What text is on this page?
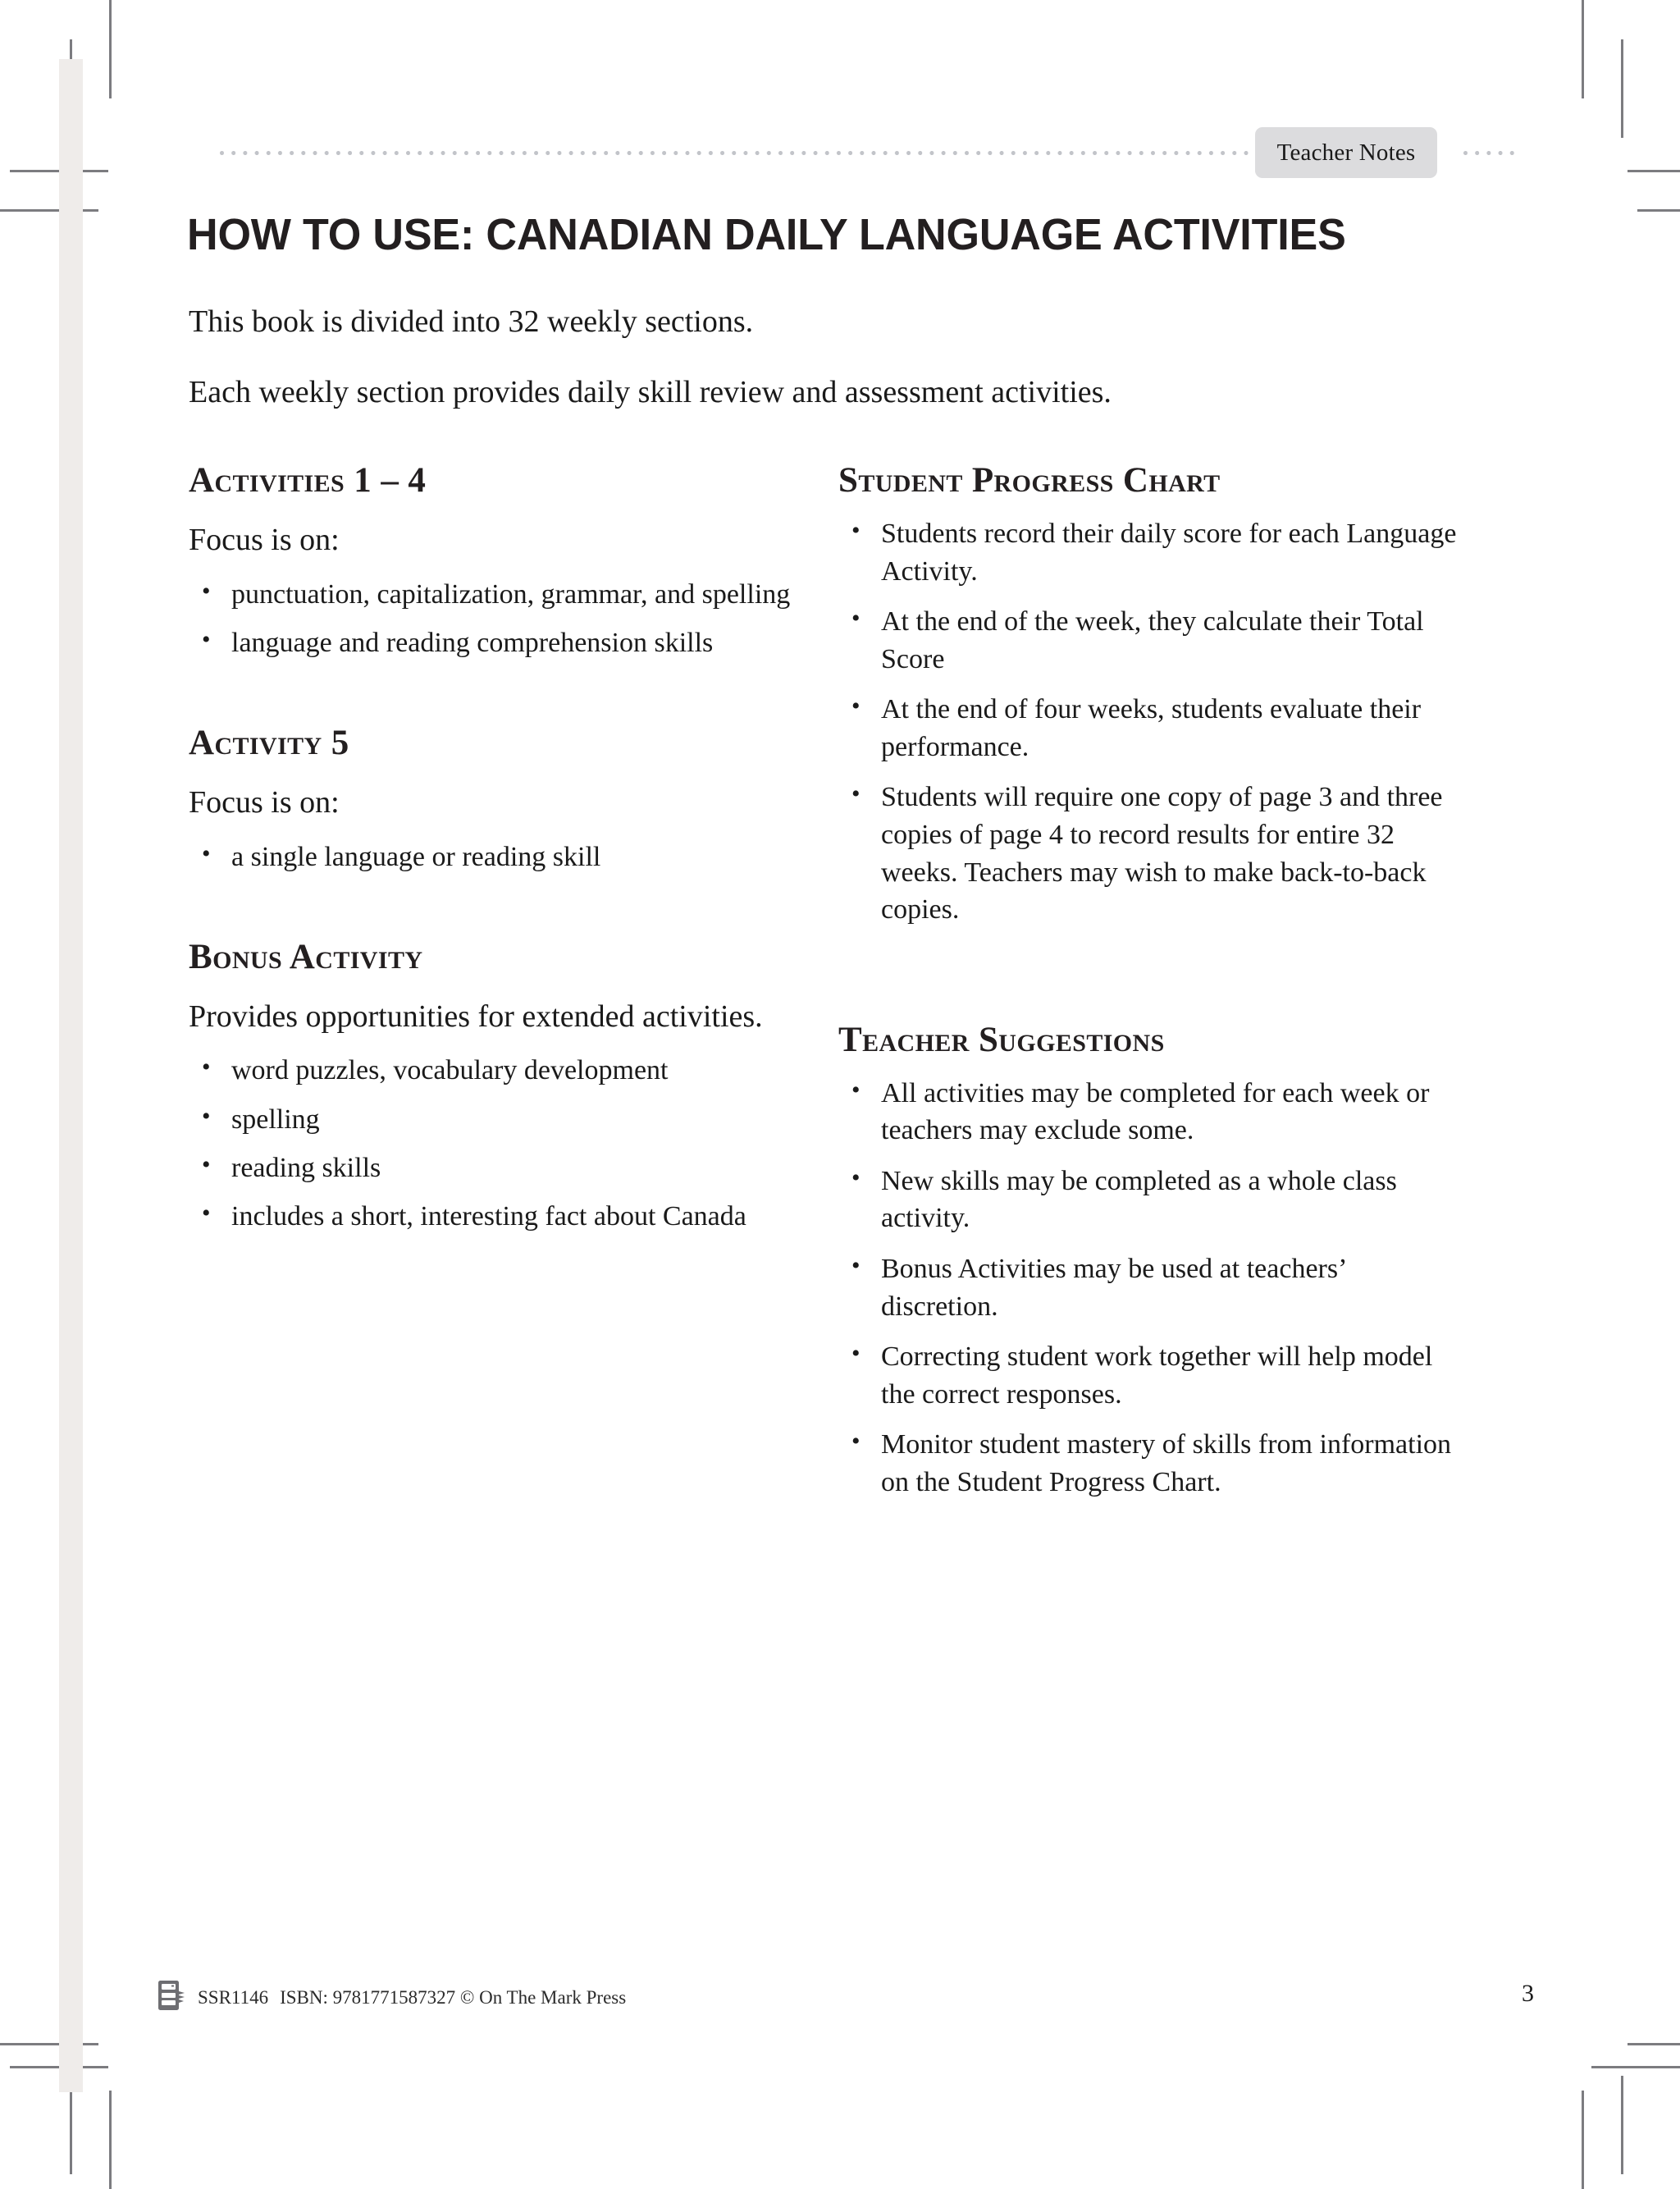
Teacher Notes
HOW TO USE: CANADIAN DAILY LANGUAGE ACTIVITIES

This book is divided into 32 weekly sections.

Each weekly section provides daily skill review and assessment activities.

Activities 1 – 4

Focus is on:

• punctuation, capitalization, grammar, and spelling
• language and reading comprehension skills
Activity 5

Focus is on:

• a single language or reading skill
Bonus Activity

Provides opportunities for extended activities.

• word puzzles, vocabulary development
• spelling
• reading skills
• includes a short, interesting fact about Canada
Student Progress Chart
• Students record their daily score for each Language Activity.
• At the end of the week, they calculate their Total Score
• At the end of four weeks, students evaluate their performance.
• Students will require one copy of page 3 and three copies of page 4 to record results for entire 32 weeks. Teachers may wish to make back-to-back copies.
Teacher Suggestions
• All activities may be completed for each week or teachers may exclude some.
• New skills may be completed as a whole class activity.
• Bonus Activities may be used at teachers’ discretion.
• Correcting student work together will help model the correct responses.
• Monitor student mastery of skills from information on the Student Progress Chart.
SSR1146 ISBN: 9781771587327 © On The Mark Press	3
